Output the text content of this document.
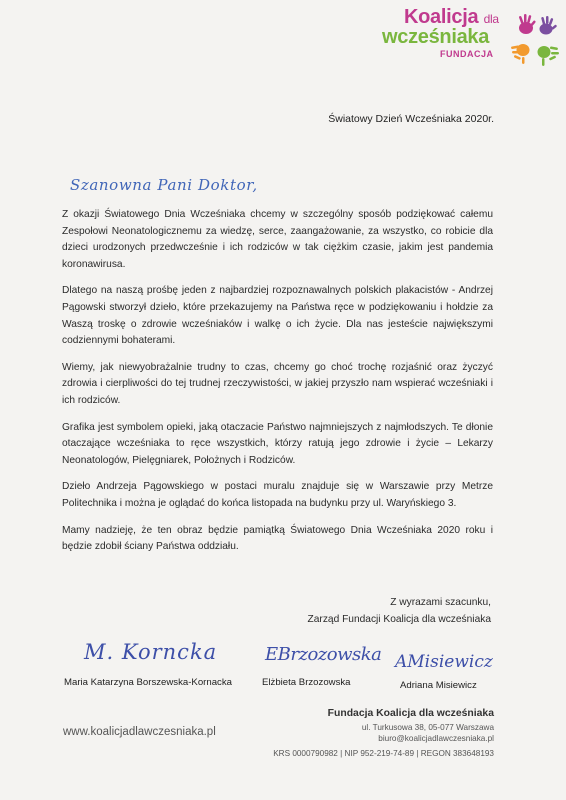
Koalicja dla
wcześniaka
FUNDACJA
Światowy Dzień Wcześniaka 2020r.
Szanowna Pani Doktor,

Z okazji Światowego Dnia Wcześniaka chcemy w szczególny sposób podziękować całemu Zespołowi Neonatologicznemu za wiedzę, serce, zaangażowanie, za wszystko, co robicie dla dzieci urodzonych przedwcześnie i ich rodziców w tak ciężkim czasie, jakim jest pandemia koronawirusa.

Dlatego na naszą prośbę jeden z najbardziej rozpoznawalnych polskich plakacistów - Andrzej Pągowski stworzył dzieło, które przekazujemy na Państwa ręce w podziękowaniu i hołdzie za Waszą troskę o zdrowie wcześniaków i walkę o ich życie. Dla nas jesteście największymi codziennymi bohaterami.

Wiemy, jak niewyobrażalnie trudny to czas, chcemy go choć trochę rozjaśnić oraz życzyć zdrowia i cierpliwości do tej trudnej rzeczywistości, w jakiej przyszło nam wspierać wcześniaki i ich rodziców.

Grafika jest symbolem opieki, jaką otaczacie Państwo najmniejszych z najmłodszych. Te dłonie otaczające wcześniaka to ręce wszystkich, którzy ratują jego zdrowie i życie – Lekarzy Neonatologów, Pielęgniarek, Położnych i Rodziców.

Dzieło Andrzeja Pągowskiego w postaci muralu znajduje się w Warszawie przy Metrze Politechnika i można je oglądać do końca listopada na budynku przy ul. Waryńskiego 3.

Mamy nadzieję, że ten obraz będzie pamiątką Światowego Dnia Wcześniaka 2020 roku i będzie zdobił ściany Państwa oddziału.

Z wyrazami szacunku,
Zarząd Fundacji Koalicja dla wcześniaka
M. Korncka	EBrzozowska AMisiewicz
Maria Katarzyna Borszewska-Kornacka	Elżbieta Brzozowska	Adriana Misiewicz
www.koalicjadlawczesniaka.pl
Fundacja Koalicja dla wcześniaka
ul. Turkusowa 38, 05-077 Warszawa
biuro@koalicjadlawczesniaka.pl
KRS 0000790982 | NIP 952-219-74-89 | REGON 383648193
